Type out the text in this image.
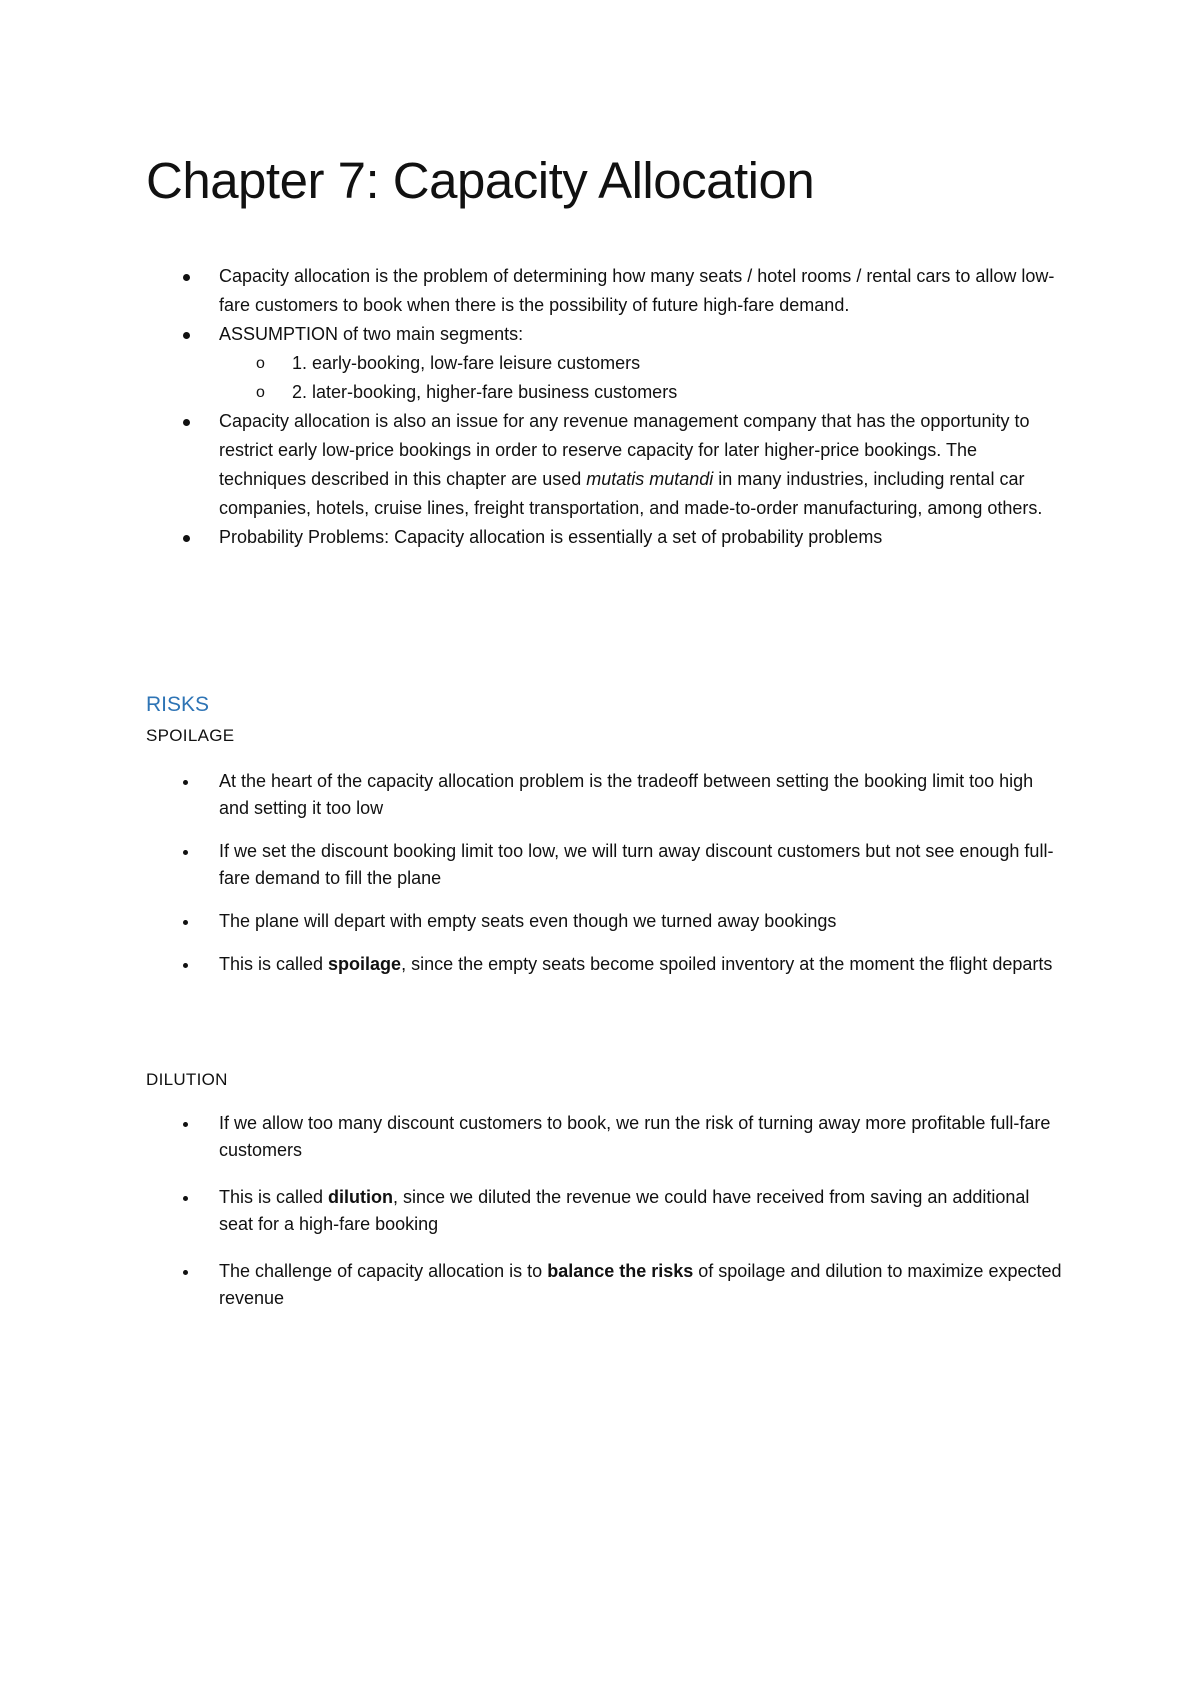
Chapter 7: Capacity Allocation
Capacity allocation is the problem of determining how many seats / hotel rooms / rental cars to allow low-fare customers to book when there is the possibility of future high-fare demand.
ASSUMPTION of two main segments:
o 1. early-booking, low-fare leisure customers
o 2. later-booking, higher-fare business customers
Capacity allocation is also an issue for any revenue management company that has the opportunity to restrict early low-price bookings in order to reserve capacity for later higher-price bookings. The techniques described in this chapter are used mutatis mutandi in many industries, including rental car companies, hotels, cruise lines, freight transportation, and made-to-order manufacturing, among others.
Probability Problems: Capacity allocation is essentially a set of probability problems
RISKS
SPOILAGE
At the heart of the capacity allocation problem is the tradeoff between setting the booking limit too high and setting it too low
If we set the discount booking limit too low, we will turn away discount customers but not see enough full-fare demand to fill the plane
The plane will depart with empty seats even though we turned away bookings
This is called spoilage, since the empty seats become spoiled inventory at the moment the flight departs
DILUTION
If we allow too many discount customers to book, we run the risk of turning away more profitable full-fare customers
This is called dilution, since we diluted the revenue we could have received from saving an additional seat for a high-fare booking
The challenge of capacity allocation is to balance the risks of spoilage and dilution to maximize expected revenue
